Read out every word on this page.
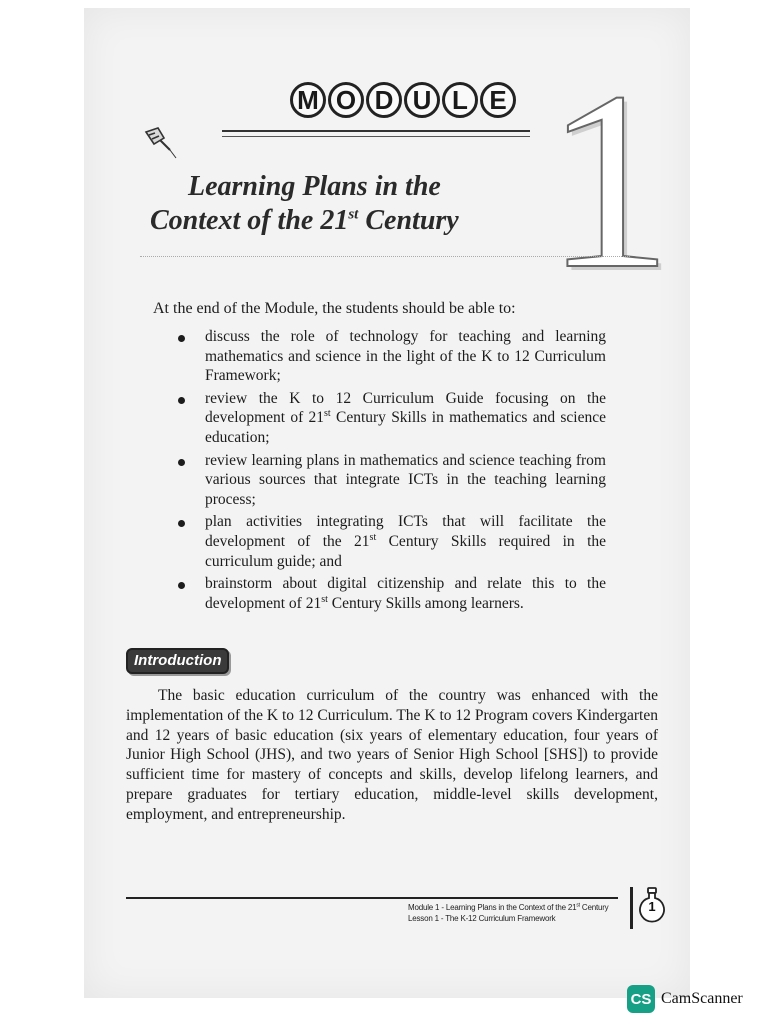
M O D U L E 1
Learning Plans in the
Context of the 21st Century
At the end of the Module, the students should be able to:
discuss the role of technology for teaching and learning mathematics and science in the light of the K to 12 Curriculum Framework;
review the K to 12 Curriculum Guide focusing on the development of 21st Century Skills in mathematics and science education;
review learning plans in mathematics and science teaching from various sources that integrate ICTs in the teaching learning process;
plan activities integrating ICTs that will facilitate the development of the 21st Century Skills required in the curriculum guide; and
brainstorm about digital citizenship and relate this to the development of 21st Century Skills among learners.
Introduction

The basic education curriculum of the country was enhanced with the implementation of the K to 12 Curriculum. The K to 12 Program covers Kindergarten and 12 years of basic education (six years of elementary education, four years of Junior High School (JHS), and two years of Senior High School [SHS]) to provide sufficient time for mastery of concepts and skills, develop lifelong learners, and prepare graduates for tertiary education, middle-level skills development, employment, and entrepreneurship.

Module 1 - Learning Plans in the Context of the 21st Century
Lesson 1 - The K-12 Curriculum Framework
1
CS CamScanner
